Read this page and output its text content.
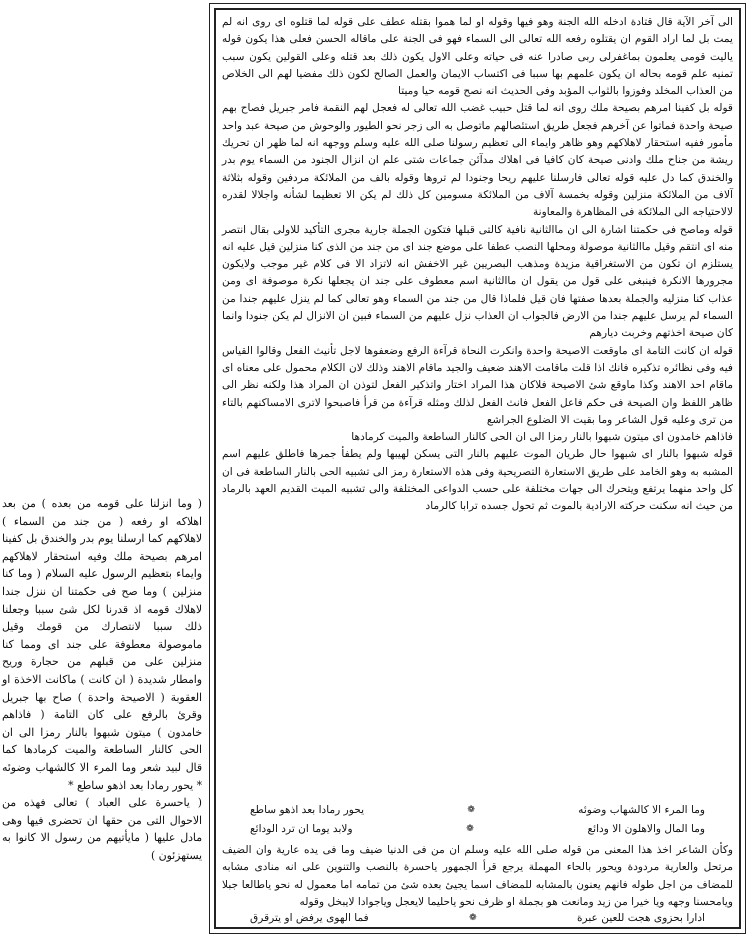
الى آخر الآية قال قتادة ادخله الله الجنة وهو فيها وقوله او لما هموا بقتله عطف على قوله لما قتلوه اى روى انه لم يمت بل لما اراد القوم ان يقتلوه رفعه الله تعالى الى السماء فهو فى الجنة على ماقاله الحسن فعلى هذا يكون قوله ياليت قومى يعلمون بماغفرلى ربى صادرا عنه فى حياته وعلى الاول يكون ذلك بعد قتله وعلى القولين يكون سبب تمنيه علم قومه بحاله ان يكون علمهم بها سببا فى اكتساب الايمان والعمل الصالح لكون ذلك مفضيا لهم الى الخلاص من العذاب المخلد وفوزوا بالثواب المؤبد وفى الحديث انه نصح قومه حيا وميتا

قوله بل كفينا امرهم بصيحة ملك روى انه لما قتل حبيب غضب الله تعالى له فعجل لهم النقمة فامر جبريل فصاح بهم صيحة واحدة فماتوا عن آخرهم فجعل طريق استئصالهم ماتوصل به الى زجر نحو الطيور والوحوش من صيحة عبد واحد مأمور ففيه استحقار لاهلاكهم وهو ظاهر وايماء الى تعظيم رسولنا صلى الله عليه وسلم ووجهه انه لما ظهر ان تحريك ريشة من جناح ملك وادنى صيحة كان كافيا فى اهلاك مدآئن جماعات شتى علم ان انزال الجنود من السماء يوم بدر والخندق كما دل عليه قوله تعالى فارسلنا عليهم ريحا وجنودا لم تروها وقوله بالف من الملائكة مردفين وقوله بثلاثة آلاف من الملائكة منزلين وقوله بخمسة آلاف من الملائكة مسومين كل ذلك لم يكن الا تعظيما لشأنه واجلالا لقدره لالاحتياجه الى الملائكة فى المظاهرة والمعاونة

قوله وماصح فى حكمتنا اشارة الى ان ماالثانية نافية كالتى قبلها فتكون الجملة جارية مجرى التأكيد للاولى بقال انتصر منه اى انتقم وقيل ماالثانية موصولة ومحلها النصب عطفا على موضع جند اى من جند من الذى كنا منزلين قيل عليه انه يستلزم ان تكون من الاستغراقية مزيدة ومذهب البصريين غير الاخفش انه لاتزاد الا فى كلام غير موجب ولايكون مجرورها الانكرة فينبغى على قول من يقول ان ماالثانية اسم معطوف على جند ان يجعلها نكرة موصوفة اى ومن عذاب كنا منزليه والجملة بعدها صفتها فان قيل فلماذا قال من جند من السماء وهو تعالى كما لم ينزل عليهم جندا من السماء لم يرسل عليهم جندا من الارض فالجواب ان العذاب نزل عليهم من السماء فبين ان الانزال لم يكن جنودا وانما كان صيحة اخذتهم وخربت ديارهم

قوله ان كانت التامة اى ماوقعت الاصيحة واحدة وانكرت النحاة قرآءة الرفع وضعفوها لاجل تأنيث الفعل وقالوا القياس فيه وفى نظائره تذكيره فانك اذا قلت ماقامت الاهند ضعيف والجيد ماقام الاهند وذلك لان الكلام محمول على معناه اى ماقام احد الاهند وكذا ماوقع شئ الاصيحة فلاكان هذا المراد اختار واتذكير الفعل لتوذن ان المراد هذا ولكنه نظر الى ظاهر اللفظ وان الصيحة فى حكم فاعل الفعل فانث الفعل لذلك ومثله قرآءة من قرأ فاصبحوا لاترى الامساكنهم بالتاء من ترى وعليه قول الشاعر وما بقيت الا الضلوع الجراشع

فاذاهم خامدون اى ميتون شبهوا بالنار رمزا الى ان الحى كالنار الساطعة والميت كرمادها

قوله شبهوا بالنار اى شبهوا حال طريان الموت عليهم بالنار التى يسكن لهيبها ولم يطفأ جمرها فاطلق عليهم اسم المشبه به وهو الخامد على طريق الاستعارة التصريحية وفى هذه الاستعارة رمز الى تشبيه الحى بالنار الساطعة فى ان كل واحد منهما يرتفع ويتحرك الى جهات مختلفة على حسب الدواعى المختلفة والى تشبيه الميت القديم العهد بالرماد من حيث انه سكنت حركته الارادية بالموت ثم تحول جسده ترابا كالرماد

وما المرء الا كالشهاب وضوئه
❁
يحور رمادا بعد اذهو ساطع
وما المال والاهلون الا ودائع
❁
ولابد يوما ان ترد الودائع
وكأن الشاعر اخذ هذا المعنى من قوله صلى الله عليه وسلم ان من فى الدنيا ضيف وما فى يده عارية وان الضيف مرتحل والعارية مردودة ويحور بالحاء المهملة يرجع قرأ الجمهور ياحسرة بالنصب والتنوين على انه منادى مشابه للمضاف من اجل طوله فانهم يعنون بالمشابه للمضاف اسما يجيئ بعده شئ من تمامه اما معمول له نحو ياطالعا جبلا ويامحسنا وجهه ويا خيرا من زيد ومانعت هو بجملة او ظرف نحو ياحليما لايعجل وياجوادا لايبخل وقوله
ادارا بحزوى هجت للعين عبرة
❁
فما الهوى يرفض او يترقرق

( وما انزلنا على قومه من بعده ) من بعد اهلاكه او رفعه ( من جند من السماء ) لاهلاكهم كما ارسلنا يوم بدر والخندق بل كفينا امرهم بصيحة ملك وفيه استحقار لاهلاكهم وايماء بتعظيم الرسول عليه السلام ( وما كنا منزلين ) وما صح فى حكمتنا ان ننزل جندا لاهلاك قومه اذ قدرنا لكل شئ سببا وجعلنا ذلك سببا لانتصارك من قومك وقيل ماموصولة معطوفة على جند اى ومما كنا منزلين على من قبلهم من حجارة وريح وامطار شديدة ( ان كانت ) ماكانت الاخذة او العقوبة ( الاصيحة واحدة ) صاح بها جبريل وقرئ بالرفع على كان التامة ( فاذاهم خامدون ) ميتون شبهوا بالنار رمزا الى ان الحى كالنار الساطعة والميت كرمادها كما قال لبيد شعر وما المرء الا كالشهاب وضوئه * يحور رمادا بعد اذهو ساطع *

( ياحسرة على العباد ) تعالى فهذه من الاحوال التى من حقها ان تحضرى فيها وهى مادل عليها ( مايأتيهم من رسول الا كانوا به يستهزئون )
